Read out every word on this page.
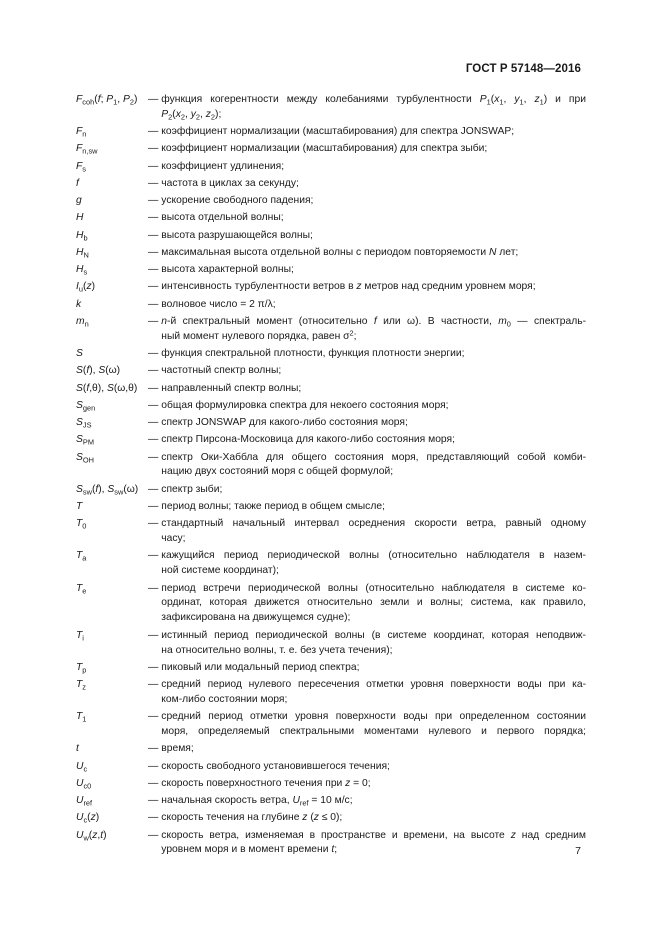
ГОСТ Р 57148—2016
$F_{coh}(f$; $P_1$, $P_2$)	— функция когерентности между колебаниями турбулентности $P_1(x_1$, $y_1$, $z_1$) и при
$P_2(x_2$, $y_2$, $z_2$);
$F_n$	— коэффициент нормализации (масштабирования) для спектра JONSWAP;
$F_{n,sw}$	— коэффициент нормализации (масштабирования) для спектра зыби;
$F_s$	— коэффициент удлинения;
f	— частота в циклах за секунду;
g	— ускорение свободного падения;
H	— высота отдельной волны;
$H_b$	— высота разрушающейся волны;
$H_N$	— максимальная высота отдельной волны с периодом повторяемости N лет;
$H_s$	— высота характерной волны;
$I_u(z)$	— интенсивность турбулентности ветров в z метров над средним уровнем моря;
k	— волновое число = 2 π/λ;
$m_n$	— n-й спектральный момент (относительно f или ω). В частности, $m_0$ — спектраль-
ный момент нулевого порядка, равен $\sigma^2$;
S	— функция спектральной плотности, функция плотности энергии;
S(f), S(ω)	— частотный спектр волны;
S(f,θ), S(ω,θ)	— направленный спектр волны;
$S_{gen}$	— общая формулировка спектра для некоего состояния моря;
$S_{JS}$	— спектр JONSWAP для какого-либо состояния моря;
$S_{PM}$	— спектр Пирсона-Московица для какого-либо состояния моря;
$S_{OH}$	— спектр Оки-Хаббла для общего состояния моря, представляющий собой комби-
нацию двух состояний моря с общей формулой;
$S_{sw}(f)$, $S_{sw}(\omega)$ — спектр зыби;
T	— период волны; также период в общем смысле;
$T_0$	— стандартный начальный интервал осреднения скорости ветра, равный одному
часу;
$T_a$	— кажущийся период периодической волны (относительно наблюдателя в назем-
ной системе координат);
$T_e$	— период встречи периодической волны (относительно наблюдателя в системе ко-
ординат, которая движется относительно земли и волны; система, как правило,
зафиксирована на движущемся судне);
$T_i$	— истинный период периодической волны (в системе координат, которая неподвиж-
на относительно волны, т. е. без учета течения);
$T_p$	— пиковый или модальный период спектра;
$T_z$	— средний период нулевого пересечения отметки уровня поверхности воды при ка-
ком-либо состоянии моря;
$T_1$	— средний период отметки уровня поверхности воды при определенном состоянии
моря, определяемый спектральными моментами нулевого и первого порядка;
t	— время;
$U_c$	— скорость свободного установившегося течения;
$U_{c0}$	— скорость поверхностного течения при z = 0;
$U_{ref}$	— начальная скорость ветра, $U_{ref} = 10$ м/с;
$U_c(z)$	— скорость течения на глубине z (z ≤ 0);
$U_w(z,t)$	— скорость ветра, изменяемая в пространстве и времени, на высоте z над средним
уровнем моря и в момент времени t;	7
